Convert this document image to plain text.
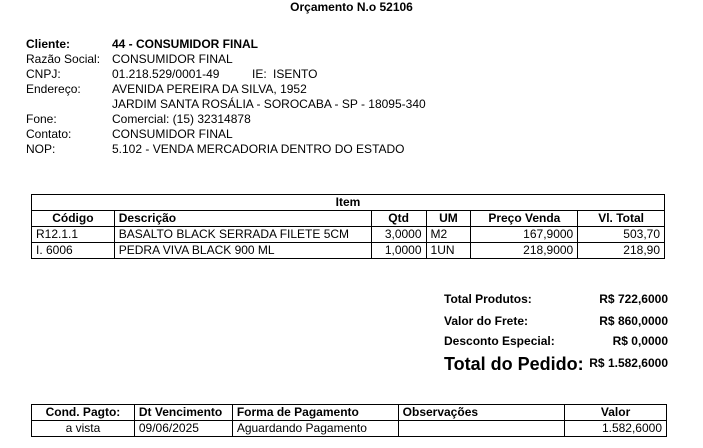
Orçamento N.o 52106
Cliente:	44 - CONSUMIDOR FINAL
Razão Social: CONSUMIDOR FINAL
CNPJ:	01.218.529/0001-49	IE: ISENTO
Endereço:	AVENIDA PEREIRA DA SILVA, 1952
JARDIM SANTA ROSÁLIA - SOROCABA - SP - 18095-340
Fone:	Comercial: (15) 32314878
Contato:	CONSUMIDOR FINAL
NOP:	5.102 - VENDA MERCADORIA DENTRO DO ESTADO
Item					
Código	Descrição	Qtd	UM	Preço Venda	Vl. Total
R12.1.1	BASALTO BLACK SERRADA FILETE 5CM	3,0000	M2	167,9000	503,70
I. 6006	PEDRA VIVA BLACK 900 ML	1,0000	1UN	218,9000	218,90
Total Produtos:	R$ 722,6000
Valor do Frete:	R$ 860,0000
Desconto Especial:	R$ 0,0000
Total do Pedido: R$ 1.582,6000
Cond. Pagto:	Dt Vencimento	Forma de Pagamento	Observações	Valor
a vista	09/06/2025	Aguardando Pagamento		1.582,6000
